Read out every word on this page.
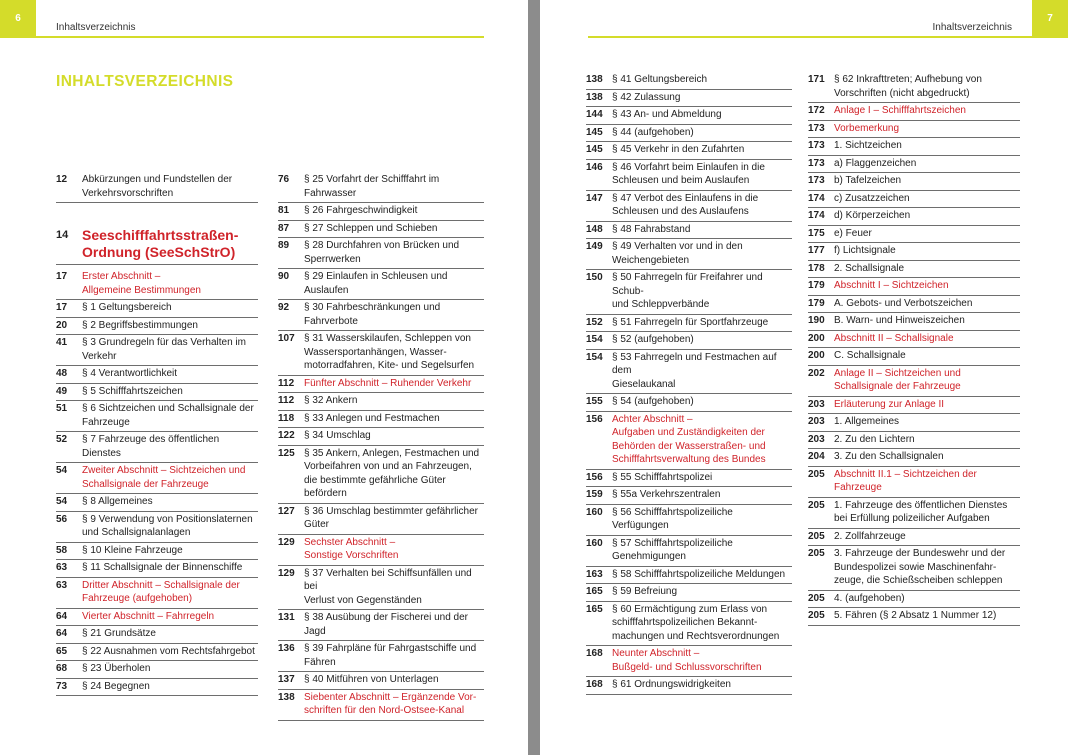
6
Inhaltsverzeichnis
INHALTSVERZEICHNIS
12	Abkürzungen und Fundstellen der
Verkehrsvorschriften
14 Seeschifffahrtsstraßen-
Ordnung (SeeSchStrO)
17	Erster Abschnitt –
Allgemeine Bestimmungen
17	§ 1 Geltungsbereich
20	§ 2 Begriffsbestimmungen
41	§ 3 Grundregeln für das Verhalten im
Verkehr
48	§ 4 Verantwortlichkeit
49	§ 5 Schifffahrtszeichen
51	§ 6 Sichtzeichen und Schallsignale der
Fahrzeuge
52	§ 7 Fahrzeuge des öffentlichen Dienstes
54	Zweiter Abschnitt – Sichtzeichen und
Schallsignale der Fahrzeuge
54	§ 8 Allgemeines
56	§ 9 Verwendung von Positionslaternen
und Schallsignalanlagen
58	§ 10 Kleine Fahrzeuge
63	§ 11 Schallsignale der Binnenschiffe
63	Dritter Abschnitt – Schallsignale der
Fahrzeuge (aufgehoben)
64	Vierter Abschnitt – Fahrregeln
64	§ 21 Grundsätze
65	§ 22 Ausnahmen vom Rechtsfahrgebot
68	§ 23 Überholen
73	§ 24 Begegnen
76	§ 25 Vorfahrt der Schifffahrt im
Fahrwasser
81	§ 26 Fahrgeschwindigkeit
87	§ 27 Schleppen und Schieben
89	§ 28 Durchfahren von Brücken und
Sperrwerken
90	§ 29 Einlaufen in Schleusen und Auslaufen
92	§ 30 Fahrbeschränkungen und Fahrverbote
107 § 31 Wasserskilaufen, Schleppen von
Wassersportanhängen, Wasser-
motorradfahren, Kite- und Segelsurfen
112 Fünfter Abschnitt – Ruhender Verkehr
112 § 32 Ankern
118 § 33 Anlegen und Festmachen
122 § 34 Umschlag
125 § 35 Ankern, Anlegen, Festmachen und
Vorbeifahren von und an Fahrzeugen,
die bestimmte gefährliche Güter
befördern
127 § 36 Umschlag bestimmter gefährlicher
Güter
129 Sechster Abschnitt –
Sonstige Vorschriften
129 § 37 Verhalten bei Schiffsunfällen und bei
Verlust von Gegenständen
131 § 38 Ausübung der Fischerei und der Jagd
136 § 39 Fahrpläne für Fahrgastschiffe und
Fähren
137 § 40 Mitführen von Unterlagen
138 Siebenter Abschnitt – Ergänzende Vor-
schriften für den Nord-Ostsee-Kanal
7
Inhaltsverzeichnis
138 § 41 Geltungsbereich
138 § 42 Zulassung
144 § 43 An- und Abmeldung
145 § 44 (aufgehoben)
145 § 45 Verkehr in den Zufahrten
146 § 46 Vorfahrt beim Einlaufen in die
Schleusen und beim Auslaufen
147 § 47 Verbot des Einlaufens in die
Schleusen und des Auslaufens
148 § 48 Fahrabstand
149 § 49 Verhalten vor und in den
Weichengebieten
150 § 50 Fahrregeln für Freifahrer und Schub-
und Schleppverbände
152 § 51 Fahrregeln für Sportfahrzeuge
154 § 52 (aufgehoben)
154 § 53 Fahrregeln und Festmachen auf dem
Gieselaukanal
155 § 54 (aufgehoben)
156 Achter Abschnitt –
Aufgaben und Zuständigkeiten der
Behörden der Wasserstraßen- und
Schifffahrtsverwaltung des Bundes
156 § 55 Schifffahrtspolizei
159 § 55a Verkehrszentralen
160 § 56 Schifffahrtspolizeiliche Verfügungen
160 § 57 Schifffahrtspolizeiliche
Genehmigungen
163 § 58 Schifffahrtspolizeiliche Meldungen
165 § 59 Befreiung
165 § 60 Ermächtigung zum Erlass von
schifffahrtspolizeilichen Bekannt-
machungen und Rechtsverordnungen
168 Neunter Abschnitt –
Bußgeld- und Schlussvorschriften
168 § 61 Ordnungswidrigkeiten
171 § 62 Inkrafttreten; Aufhebung von
Vorschriften (nicht abgedruckt)
172 Anlage I – Schifffahrtszeichen
173 Vorbemerkung
173 1. Sichtzeichen
173 a) Flaggenzeichen
173 b) Tafelzeichen
174 c) Zusatzzeichen
174 d) Körperzeichen
175 e) Feuer
177 f) Lichtsignale
178 2. Schallsignale
179 Abschnitt I – Sichtzeichen
179 A. Gebots- und Verbotszeichen
190 B. Warn- und Hinweiszeichen
200 Abschnitt II – Schallsignale
200 C. Schallsignale
202 Anlage II – Sichtzeichen und
Schallsignale der Fahrzeuge
203 Erläuterung zur Anlage II
203 1. Allgemeines
203 2. Zu den Lichtern
204 3. Zu den Schallsignalen
205 Abschnitt II.1 – Sichtzeichen der
Fahrzeuge
205 1. Fahrzeuge des öffentlichen Dienstes
bei Erfüllung polizeilicher Aufgaben
205 2. Zollfahrzeuge
205 3. Fahrzeuge der Bundeswehr und der
Bundespolizei sowie Maschinenfahr-
zeuge, die Schießscheiben schleppen
205 4. (aufgehoben)
205 5. Fähren (§ 2 Absatz 1 Nummer 12)
